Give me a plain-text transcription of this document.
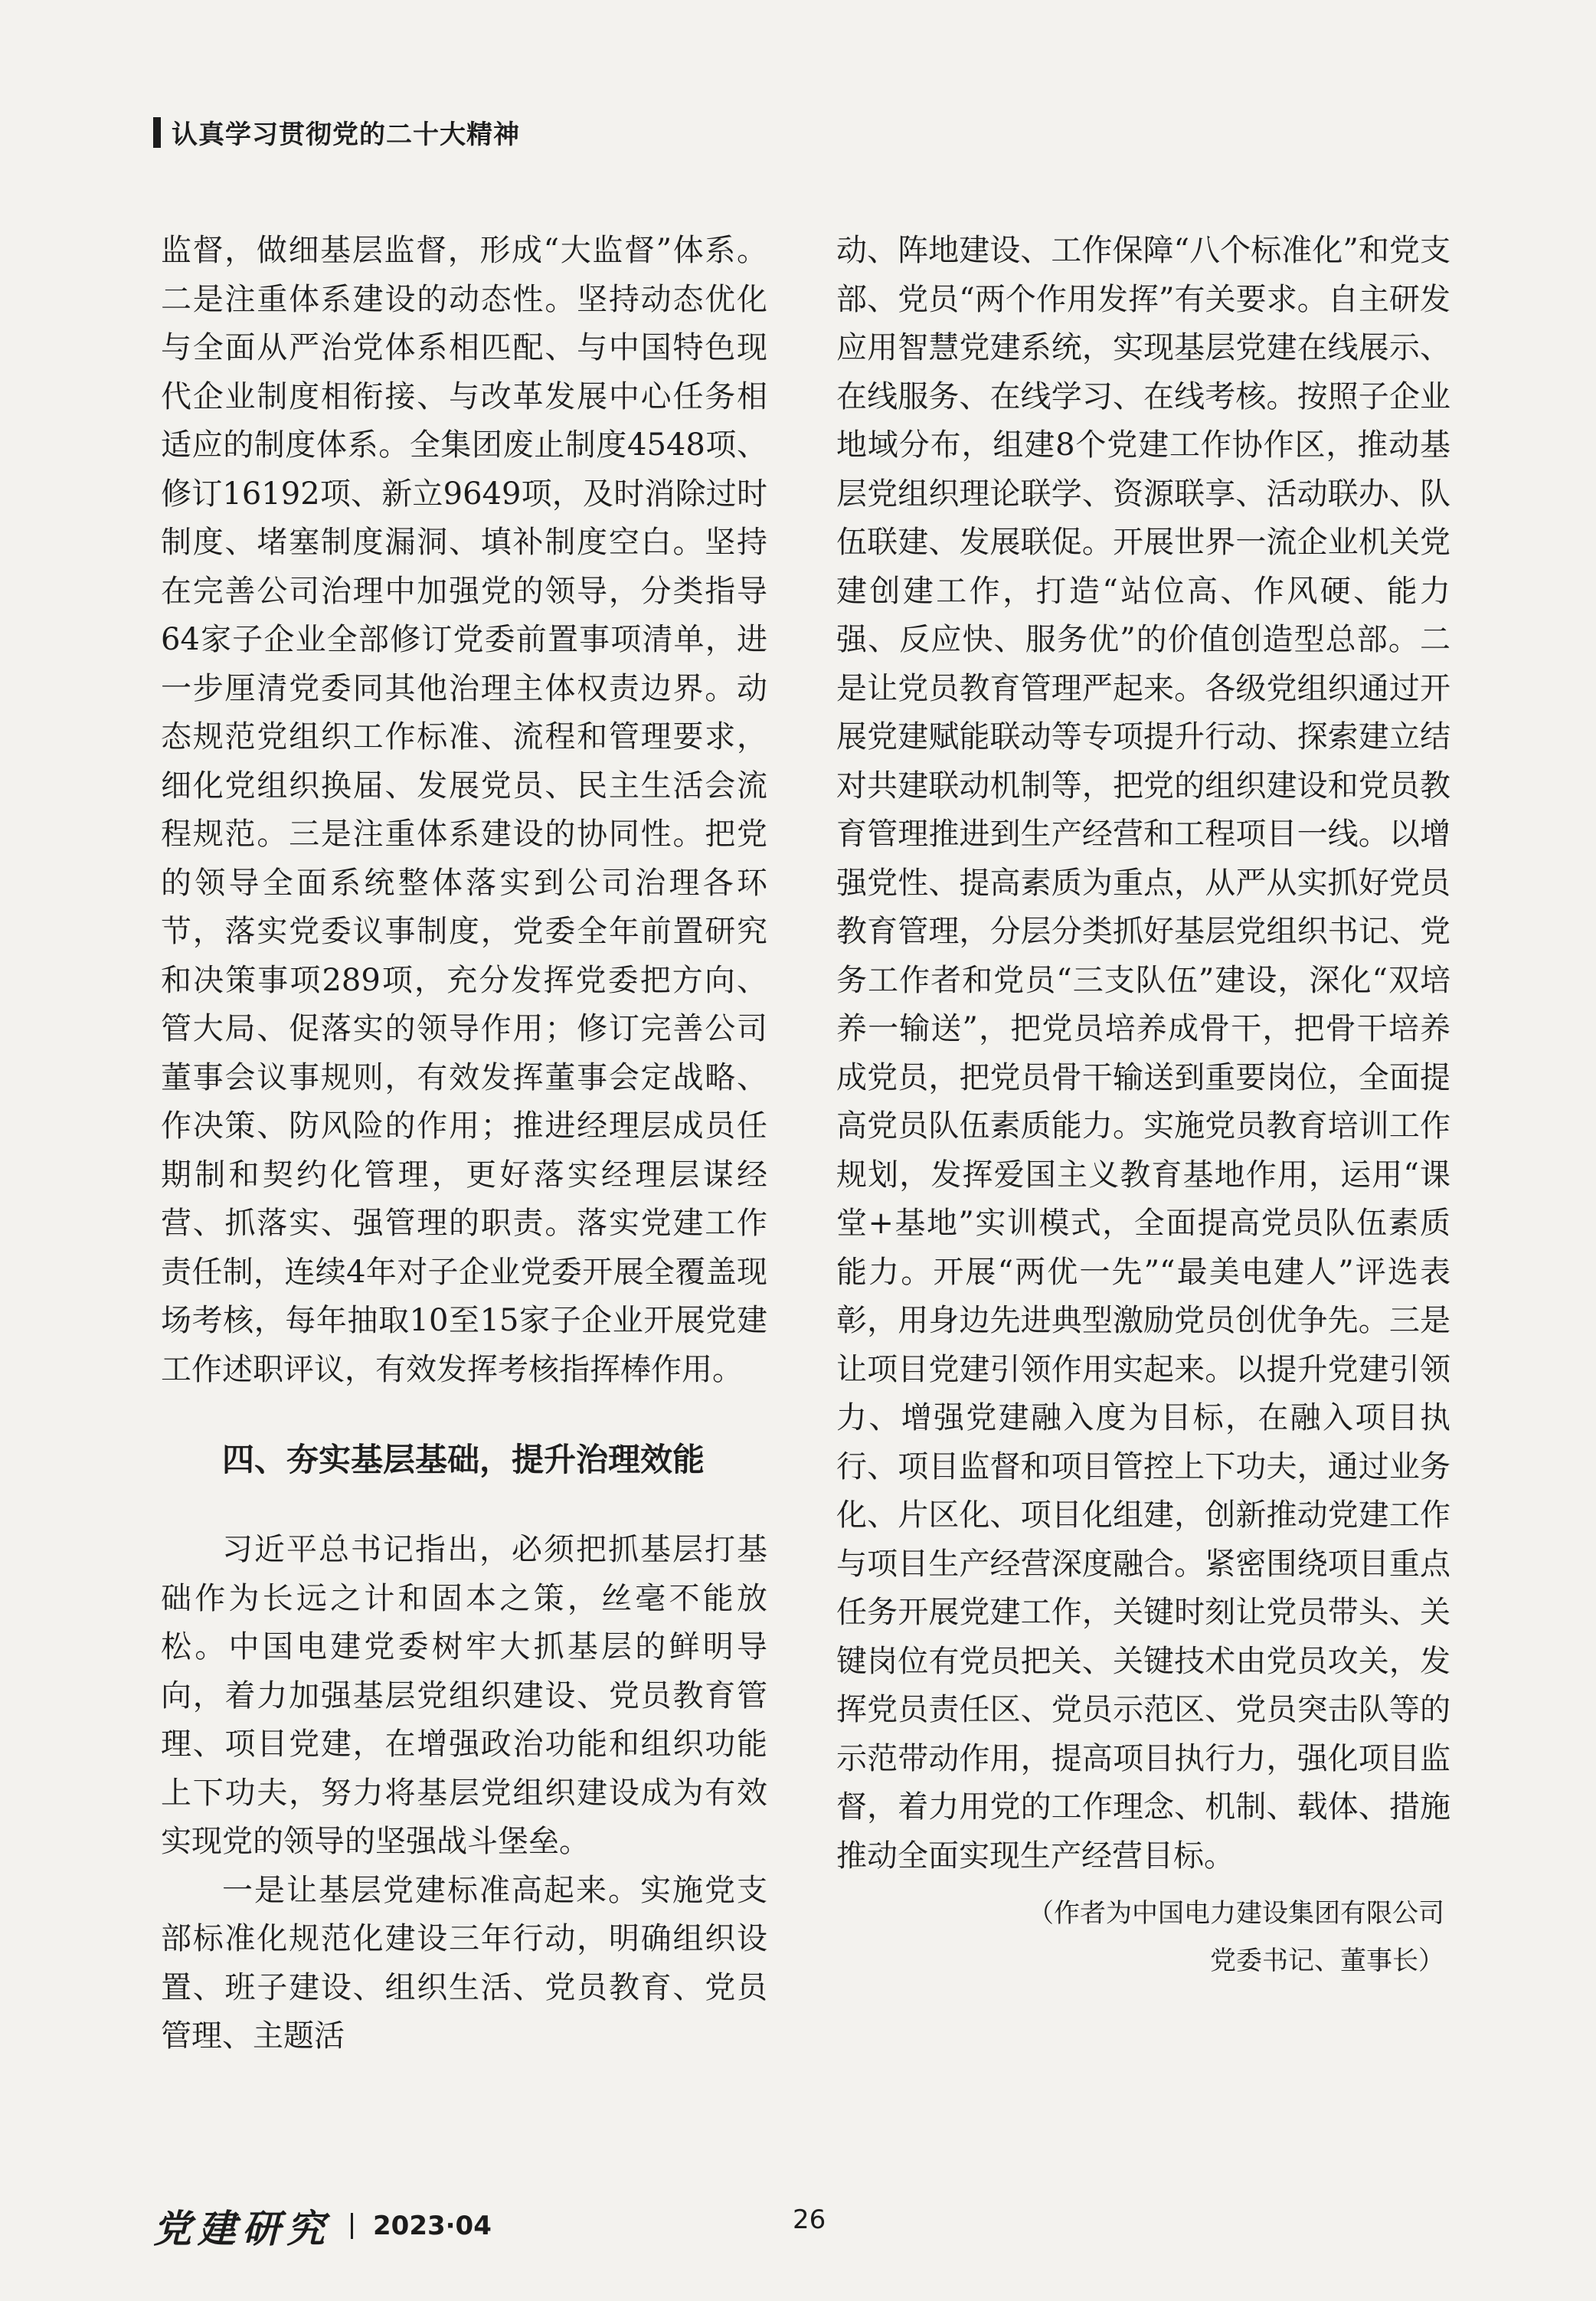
认真学习贯彻党的二十大精神

监督，做细基层监督，形成“大监督”体系。二是注重体系建设的动态性。坚持动态优化与全面从严治党体系相匹配、与中国特色现代企业制度相衔接、与改革发展中心任务相适应的制度体系。全集团废止制度4548项、修订16192项、新立9649项，及时消除过时制度、堵塞制度漏洞、填补制度空白。坚持在完善公司治理中加强党的领导，分类指导64家子企业全部修订党委前置事项清单，进一步厘清党委同其他治理主体权责边界。动态规范党组织工作标准、流程和管理要求，细化党组织换届、发展党员、民主生活会流程规范。三是注重体系建设的协同性。把党的领导全面系统整体落实到公司治理各环节，落实党委议事制度，党委全年前置研究和决策事项289项，充分发挥党委把方向、管大局、促落实的领导作用；修订完善公司董事会议事规则，有效发挥董事会定战略、作决策、防风险的作用；推进经理层成员任期制和契约化管理，更好落实经理层谋经营、抓落实、强管理的职责。落实党建工作责任制，连续4年对子企业党委开展全覆盖现场考核，每年抽取10至15家子企业开展党建工作述职评议，有效发挥考核指挥棒作用。

四、夯实基层基础，提升治理效能

习近平总书记指出，必须把抓基层打基础作为长远之计和固本之策，丝毫不能放松。中国电建党委树牢大抓基层的鲜明导向，着力加强基层党组织建设、党员教育管理、项目党建，在增强政治功能和组织功能上下功夫，努力将基层党组织建设成为有效实现党的领导的坚强战斗堡垒。

一是让基层党建标准高起来。实施党支部标准化规范化建设三年行动，明确组织设置、班子建设、组织生活、党员教育、党员管理、主题活

动、阵地建设、工作保障“八个标准化”和党支部、党员“两个作用发挥”有关要求。自主研发应用智慧党建系统，实现基层党建在线展示、在线服务、在线学习、在线考核。按照子企业地域分布，组建8个党建工作协作区，推动基层党组织理论联学、资源联享、活动联办、队伍联建、发展联促。开展世界一流企业机关党建创建工作，打造“站位高、作风硬、能力强、反应快、服务优”的价值创造型总部。二是让党员教育管理严起来。各级党组织通过开展党建赋能联动等专项提升行动、探索建立结对共建联动机制等，把党的组织建设和党员教育管理推进到生产经营和工程项目一线。以增强党性、提高素质为重点，从严从实抓好党员教育管理，分层分类抓好基层党组织书记、党务工作者和党员“三支队伍”建设，深化“双培养一输送”，把党员培养成骨干，把骨干培养成党员，把党员骨干输送到重要岗位，全面提高党员队伍素质能力。实施党员教育培训工作规划，发挥爱国主义教育基地作用，运用“课堂+基地”实训模式，全面提高党员队伍素质能力。开展“两优一先”“最美电建人”评选表彰，用身边先进典型激励党员创优争先。三是让项目党建引领作用实起来。以提升党建引领力、增强党建融入度为目标，在融入项目执行、项目监督和项目管控上下功夫，通过业务化、片区化、项目化组建，创新推动党建工作与项目生产经营深度融合。紧密围绕项目重点任务开展党建工作，关键时刻让党员带头、关键岗位有党员把关、关键技术由党员攻关，发挥党员责任区、党员示范区、党员突击队等的示范带动作用，提高项目执行力，强化项目监督，着力用党的工作理念、机制、载体、措施推动全面实现生产经营目标。

（作者为中国电力建设集团有限公司

党委书记、董事长）

党建研究 2023·04	26
